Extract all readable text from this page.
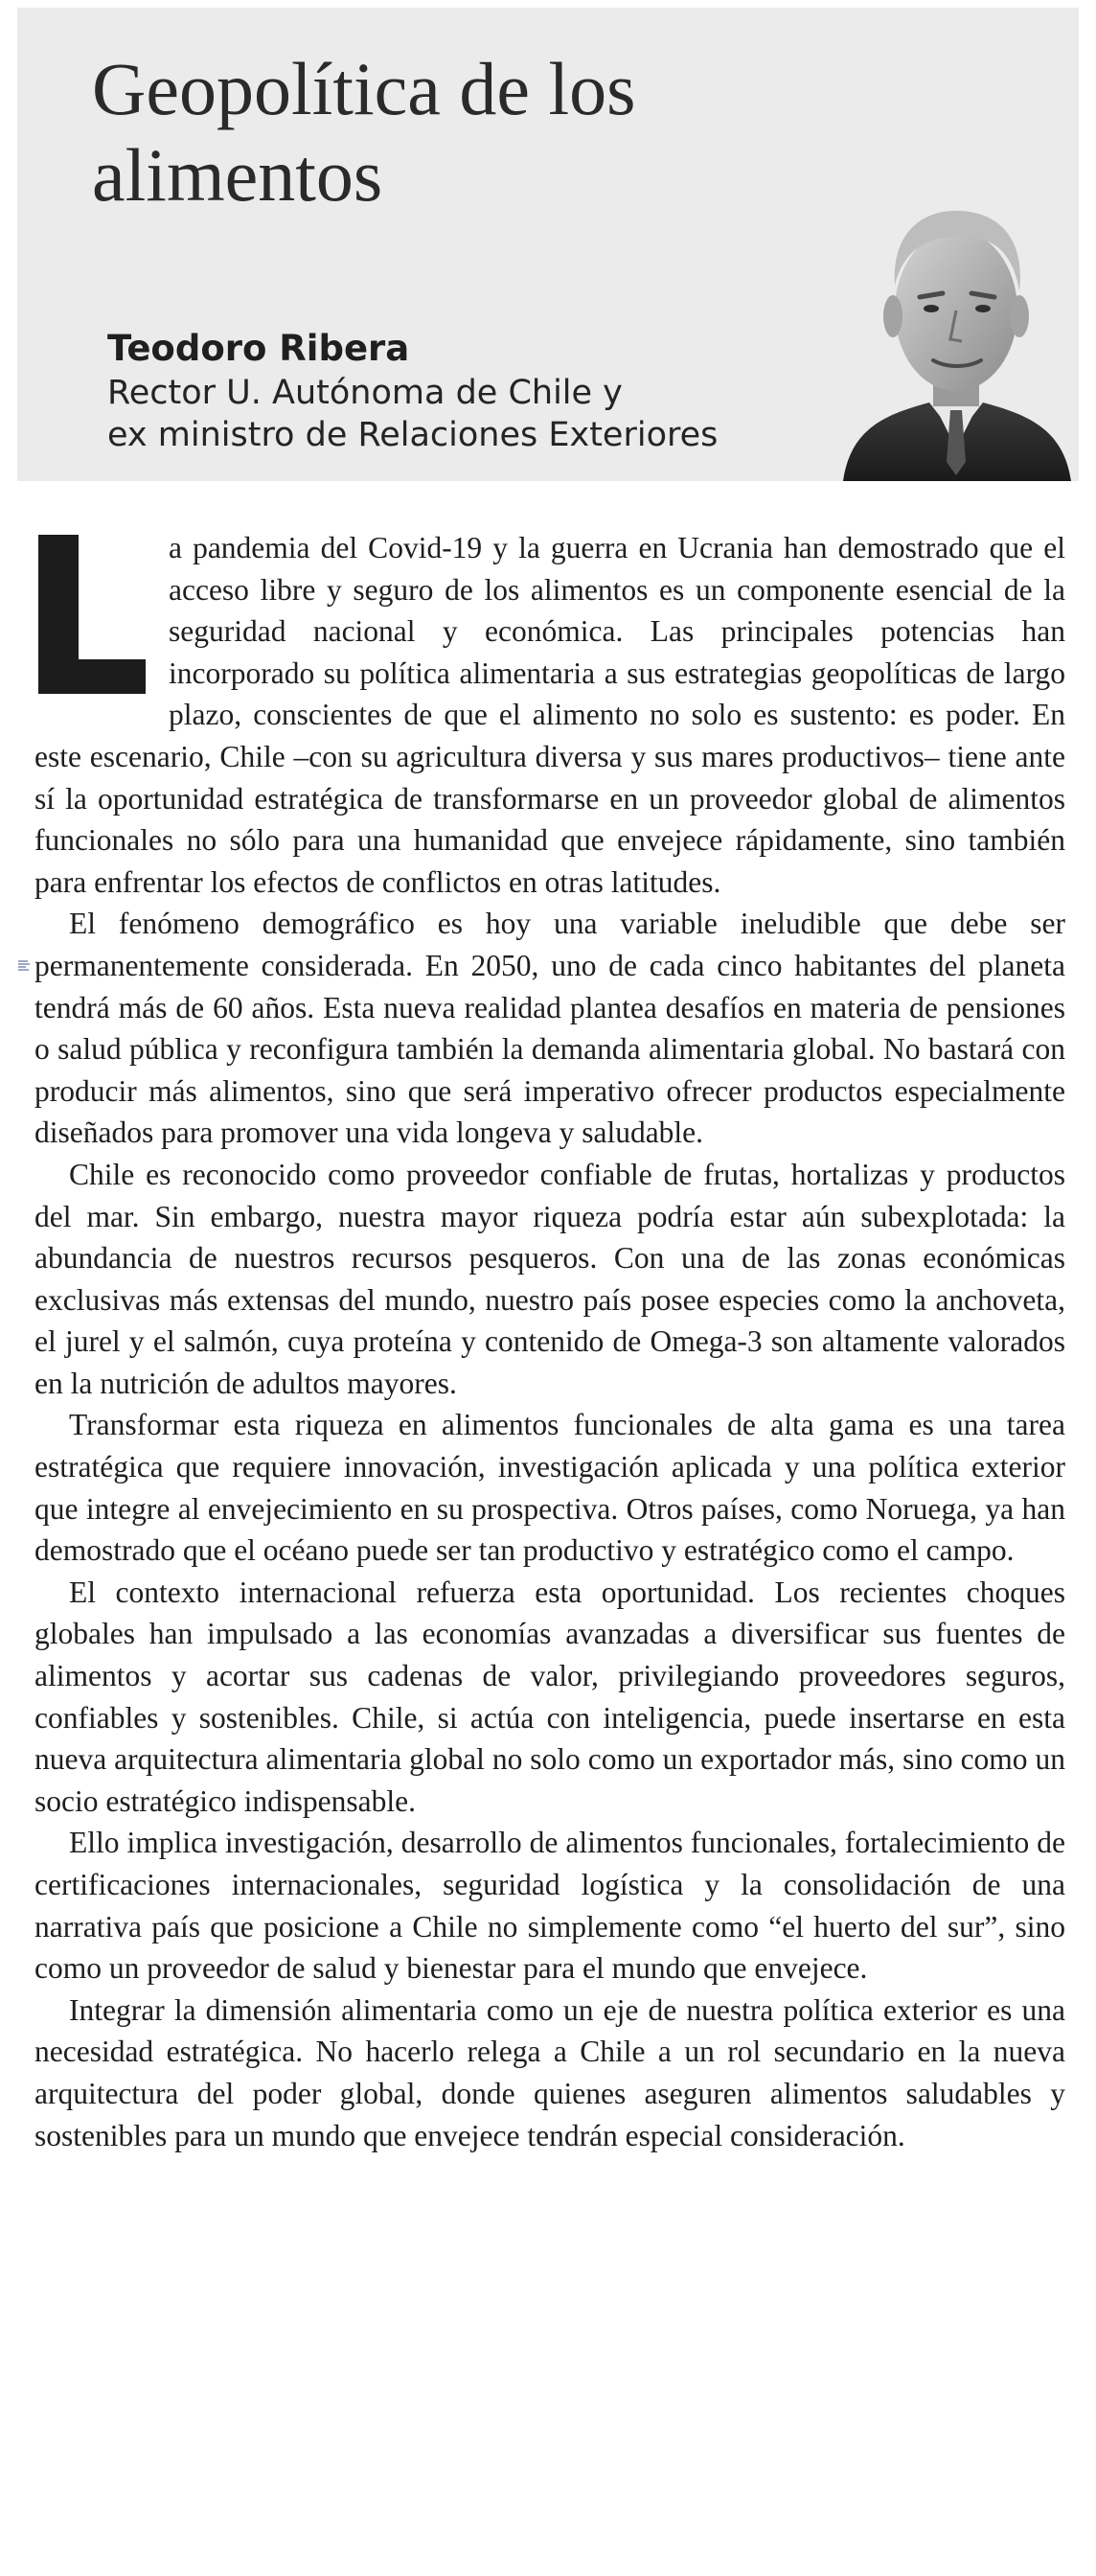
Geopolítica de los alimentos
Teodoro Ribera
Rector U. Autónoma de Chile y
ex ministro de Relaciones Exteriores

a pandemia del Covid-19 y la guerra en Ucrania han demostrado que el acceso libre y seguro de los alimentos es un componente esencial de la seguridad nacional y económica. Las principales potencias han incorporado su política alimentaria a sus estrategias geopolíticas de largo plazo, conscientes de que el alimento no solo es sustento: es poder. En este escenario, Chile –con su agricultura diversa y sus mares productivos– tiene ante sí la oportunidad estratégica de transformarse en un proveedor global de alimentos funcionales no sólo para una humanidad que envejece rápidamente, sino también para enfrentar los efectos de conflictos en otras latitudes.

El fenómeno demográfico es hoy una variable ineludible que debe ser permanentemente considerada. En 2050, uno de cada cinco habitantes del planeta tendrá más de 60 años. Esta nueva realidad plantea desafíos en materia de pensiones o salud pública y reconfigura también la demanda alimentaria global. No bastará con producir más alimentos, sino que será imperativo ofrecer productos especialmente diseñados para promover una vida longeva y saludable.

Chile es reconocido como proveedor confiable de frutas, hortalizas y productos del mar. Sin embargo, nuestra mayor riqueza podría estar aún subexplotada: la abundancia de nuestros recursos pesqueros. Con una de las zonas económicas exclusivas más extensas del mundo, nuestro país posee especies como la anchoveta, el jurel y el salmón, cuya proteína y contenido de Omega-3 son altamente valorados en la nutrición de adultos mayores.

Transformar esta riqueza en alimentos funcionales de alta gama es una tarea estratégica que requiere innovación, investigación aplicada y una política exterior que integre al envejecimiento en su prospectiva. Otros países, como Noruega, ya han demostrado que el océano puede ser tan productivo y estratégico como el campo.

El contexto internacional refuerza esta oportunidad. Los recientes choques globales han impulsado a las economías avanzadas a diversificar sus fuentes de alimentos y acortar sus cadenas de valor, privilegiando proveedores seguros, confiables y sostenibles. Chile, si actúa con inteligencia, puede insertarse en esta nueva arquitectura alimentaria global no solo como un exportador más, sino como un socio estratégico indispensable.

Ello implica investigación, desarrollo de alimentos funcionales, fortalecimiento de certificaciones internacionales, seguridad logística y la consolidación de una narrativa país que posicione a Chile no simplemente como “el huerto del sur”, sino como un proveedor de salud y bienestar para el mundo que envejece.

Integrar la dimensión alimentaria como un eje de nuestra política exterior es una necesidad estratégica. No hacerlo relega a Chile a un rol secundario en la nueva arquitectura del poder global, donde quienes aseguren alimentos saludables y sostenibles para un mundo que envejece tendrán especial consideración.
